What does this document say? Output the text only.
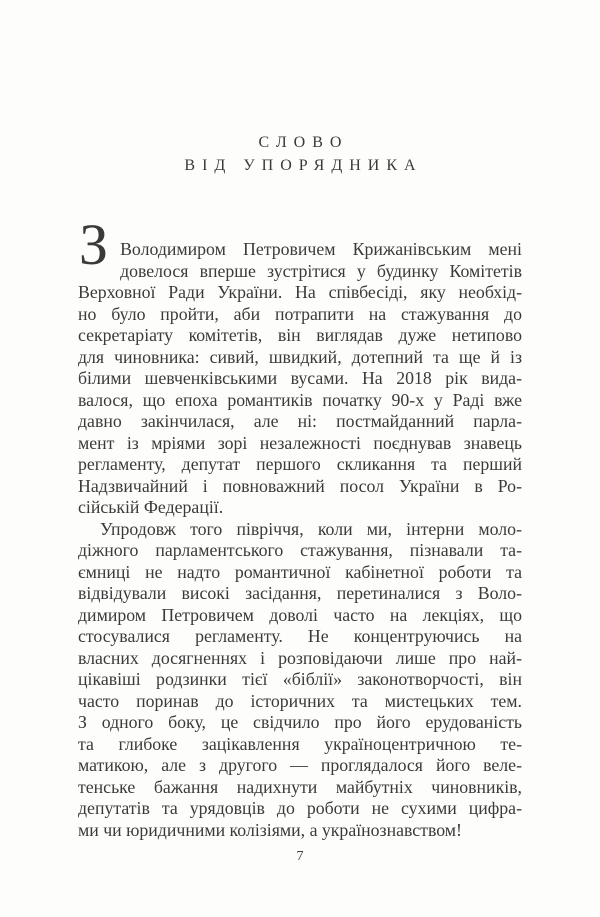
СЛОВО
ВІД УПОРЯДНИКА
З Володимиром Петровичем Крижанівським мені
довелося вперше зустрітися у будинку Комітетів
Верховної Ради України. На співбесіді, яку необхід-
но було пройти, аби потрапити на стажування до
секретаріату комітетів, він виглядав дуже нетипово
для чиновника: сивий, швидкий, дотепний та ще й із
білими шевченківськими вусами. На 2018 рік вида-
валося, що епоха романтиків початку 90-х у Раді вже
давно закінчилася, але ні: постмайданний парла-
мент із мріями зорі незалежності поєднував знавець
регламенту, депутат першого скликання та перший
Надзвичайний і повноважний посол України в Ро-
сійській Федерації.
Упродовж того півріччя, коли ми, інтерни моло-
діжного парламентського стажування, пізнавали та-
ємниці не надто романтичної кабінетної роботи та
відвідували високі засідання, перетиналися з Воло-
димиром Петровичем доволі часто на лекціях, що
стосувалися регламенту. Не концентруючись на
власних досягненнях і розповідаючи лише про най-
цікавіші родзинки тієї «біблії» законотворчості, він
часто поринав до історичних та мистецьких тем.
З одного боку, це свідчило про його ерудованість
та глибоке зацікавлення україноцентричною те-
матикою, але з другого — проглядалося його веле-
тенське бажання надихнути майбутніх чиновників,
депутатів та урядовців до роботи не сухими цифра-
ми чи юридичними колізіями, а українознавством!
7
